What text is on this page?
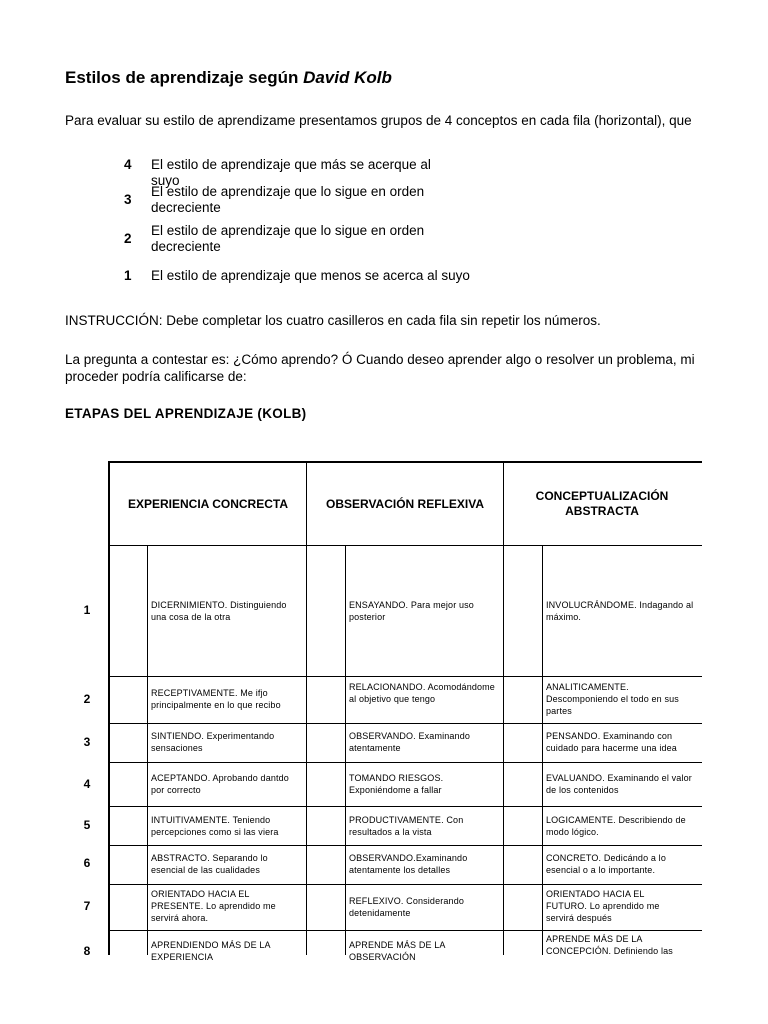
Estilos de aprendizaje según David Kolb
Para evaluar su estilo de aprendizame presentamos grupos de 4 conceptos en cada fila (horizontal), que
4 El estilo de aprendizaje que más se acerque al suyo
3
El estilo de aprendizaje que lo sigue en orden decreciente
2
El estilo de aprendizaje que lo sigue en orden decreciente
1 El estilo de aprendizaje que menos se acerca al suyo
INSTRUCCIÓN: Debe completar los cuatro casilleros en cada fila sin repetir los números.
La pregunta a contestar es: ¿Cómo aprendo? Ó Cuando deseo aprender algo o resolver un problema, mi
proceder podría calificarse de:
ETAPAS DEL APRENDIZAJE (KOLB)
EXPERIENCIA CONCRECTA	OBSERVACIÓN REFLEXIVA
CONCEPTUALIZACIÓN ABSTRACTA
1
2
3
4
5
6
7
8
DICERNIMIENTO. Distinguiendo una cosa de la otra
ENSAYANDO. Para mejor uso posterior
INVOLUCRÁNDOME. Indagando al máximo.
RECEPTIVAMENTE. Me ifjo principalmente en lo que recibo
RELACIONANDO. Acomodándome al objetivo que tengo
ANALITICAMENTE. Descomponiendo el todo en sus partes
SINTIENDO. Experimentando sensaciones
OBSERVANDO. Examinando atentamente
PENSANDO. Examinando con cuidado para hacerme una idea
ACEPTANDO. Aprobando dantdo por correcto
TOMANDO RIESGOS. Exponiéndome a fallar
EVALUANDO. Examinando el valor de los contenidos
INTUITIVAMENTE. Teniendo percepciones como si las viera
PRODUCTIVAMENTE. Con resultados a la vista
LOGICAMENTE. Describiendo de modo lógico.
ABSTRACTO. Separando lo esencial de las cualidades
OBSERVANDO.Examinando atentamente los detalles
CONCRETO. Dedicándo a lo esencial o a lo importante.
ORIENTADO HACIA EL PRESENTE. Lo aprendido me servirá ahora.
REFLEXIVO. Considerando detenidamente
ORIENTADO HACIA EL FUTURO. Lo aprendido me servirá después
APRENDIENDO MÁS DE LA EXPERIENCIA
APRENDE MÁS DE LA OBSERVACIÓN
APRENDE MÁS DE LA CONCEPCIÓN. Definiendo las
